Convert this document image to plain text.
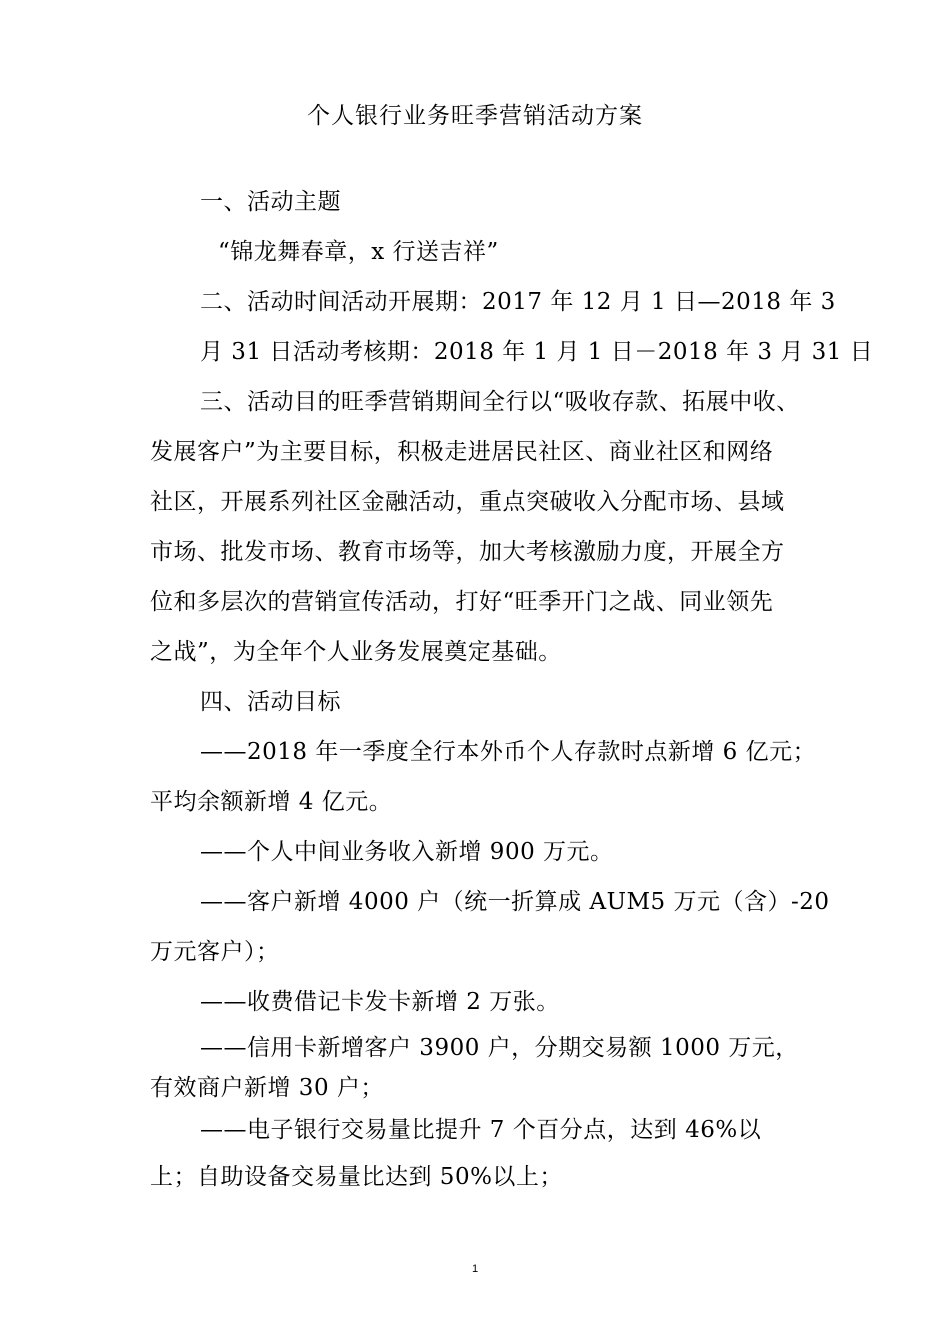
个人银行业务旺季营销活动方案
一、活动主题
“锦龙舞春章，x 行送吉祥”
二、活动时间活动开展期：2017 年 12 月 1 日—2018 年 3
月 31 日活动考核期：2018 年 1 月 1 日－2018 年 3 月 31 日
三、活动目的旺季营销期间全行以“吸收存款、拓展中收、
发展客户”为主要目标，积极走进居民社区、商业社区和网络
社区，开展系列社区金融活动，重点突破收入分配市场、县域
市场、批发市场、教育市场等，加大考核激励力度，开展全方
位和多层次的营销宣传活动，打好“旺季开门之战、同业领先
之战”，为全年个人业务发展奠定基础。
四、活动目标
——2018 年一季度全行本外币个人存款时点新增 6 亿元；
平均余额新增 4 亿元。
——个人中间业务收入新增 900 万元。
——客户新增 4000 户（统一折算成 AUM5 万元（含）-20
万元客户）；
——收费借记卡发卡新增 2 万张。
——信用卡新增客户 3900 户，分期交易额 1000 万元，
有效商户新增 30 户；
——电子银行交易量比提升 7 个百分点，达到 46%以
上；自助设备交易量比达到 50%以上；
1
